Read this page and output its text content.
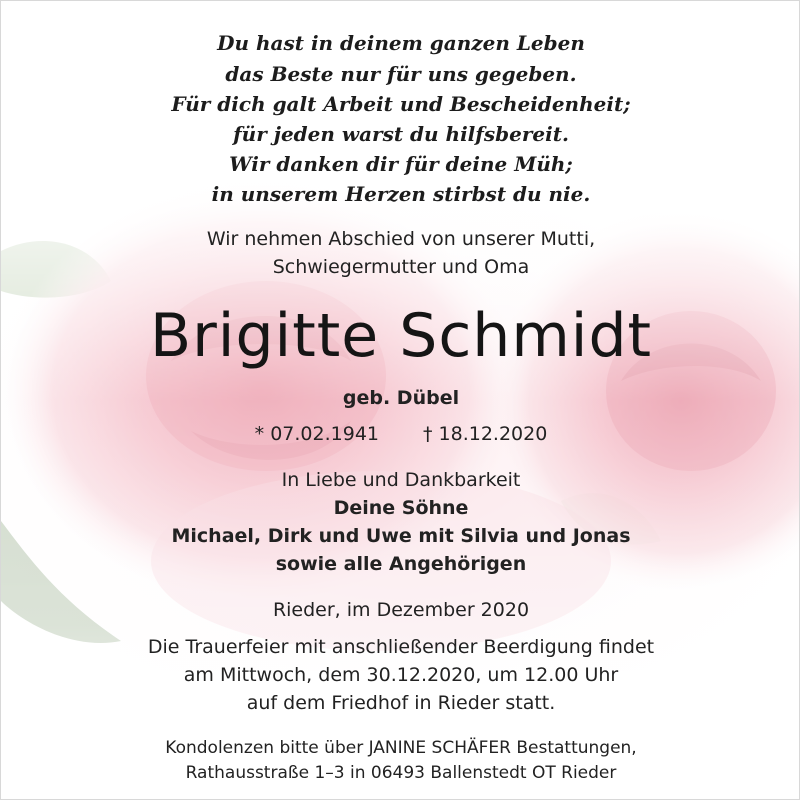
Du hast in deinem ganzen Leben
das Beste nur für uns gegeben.
Für dich galt Arbeit und Bescheidenheit;
für jeden warst du hilfsbereit.
Wir danken dir für deine Müh;
in unserem Herzen stirbst du nie.
Wir nehmen Abschied von unserer Mutti,
Schwiegermutter und Oma
Brigitte Schmidt
geb. Dübel
* 07.02.1941 † 18.12.2020
In Liebe und Dankbarkeit
Deine Söhne
Michael, Dirk und Uwe mit Silvia und Jonas
sowie alle Angehörigen
Rieder, im Dezember 2020
Die Trauerfeier mit anschließender Beerdigung findet
am Mittwoch, dem 30.12.2020, um 12.00 Uhr
auf dem Friedhof in Rieder statt.
Kondolenzen bitte über JANINE SCHÄFER Bestattungen,
Rathausstraße 1–3 in 06493 Ballenstedt OT Rieder
